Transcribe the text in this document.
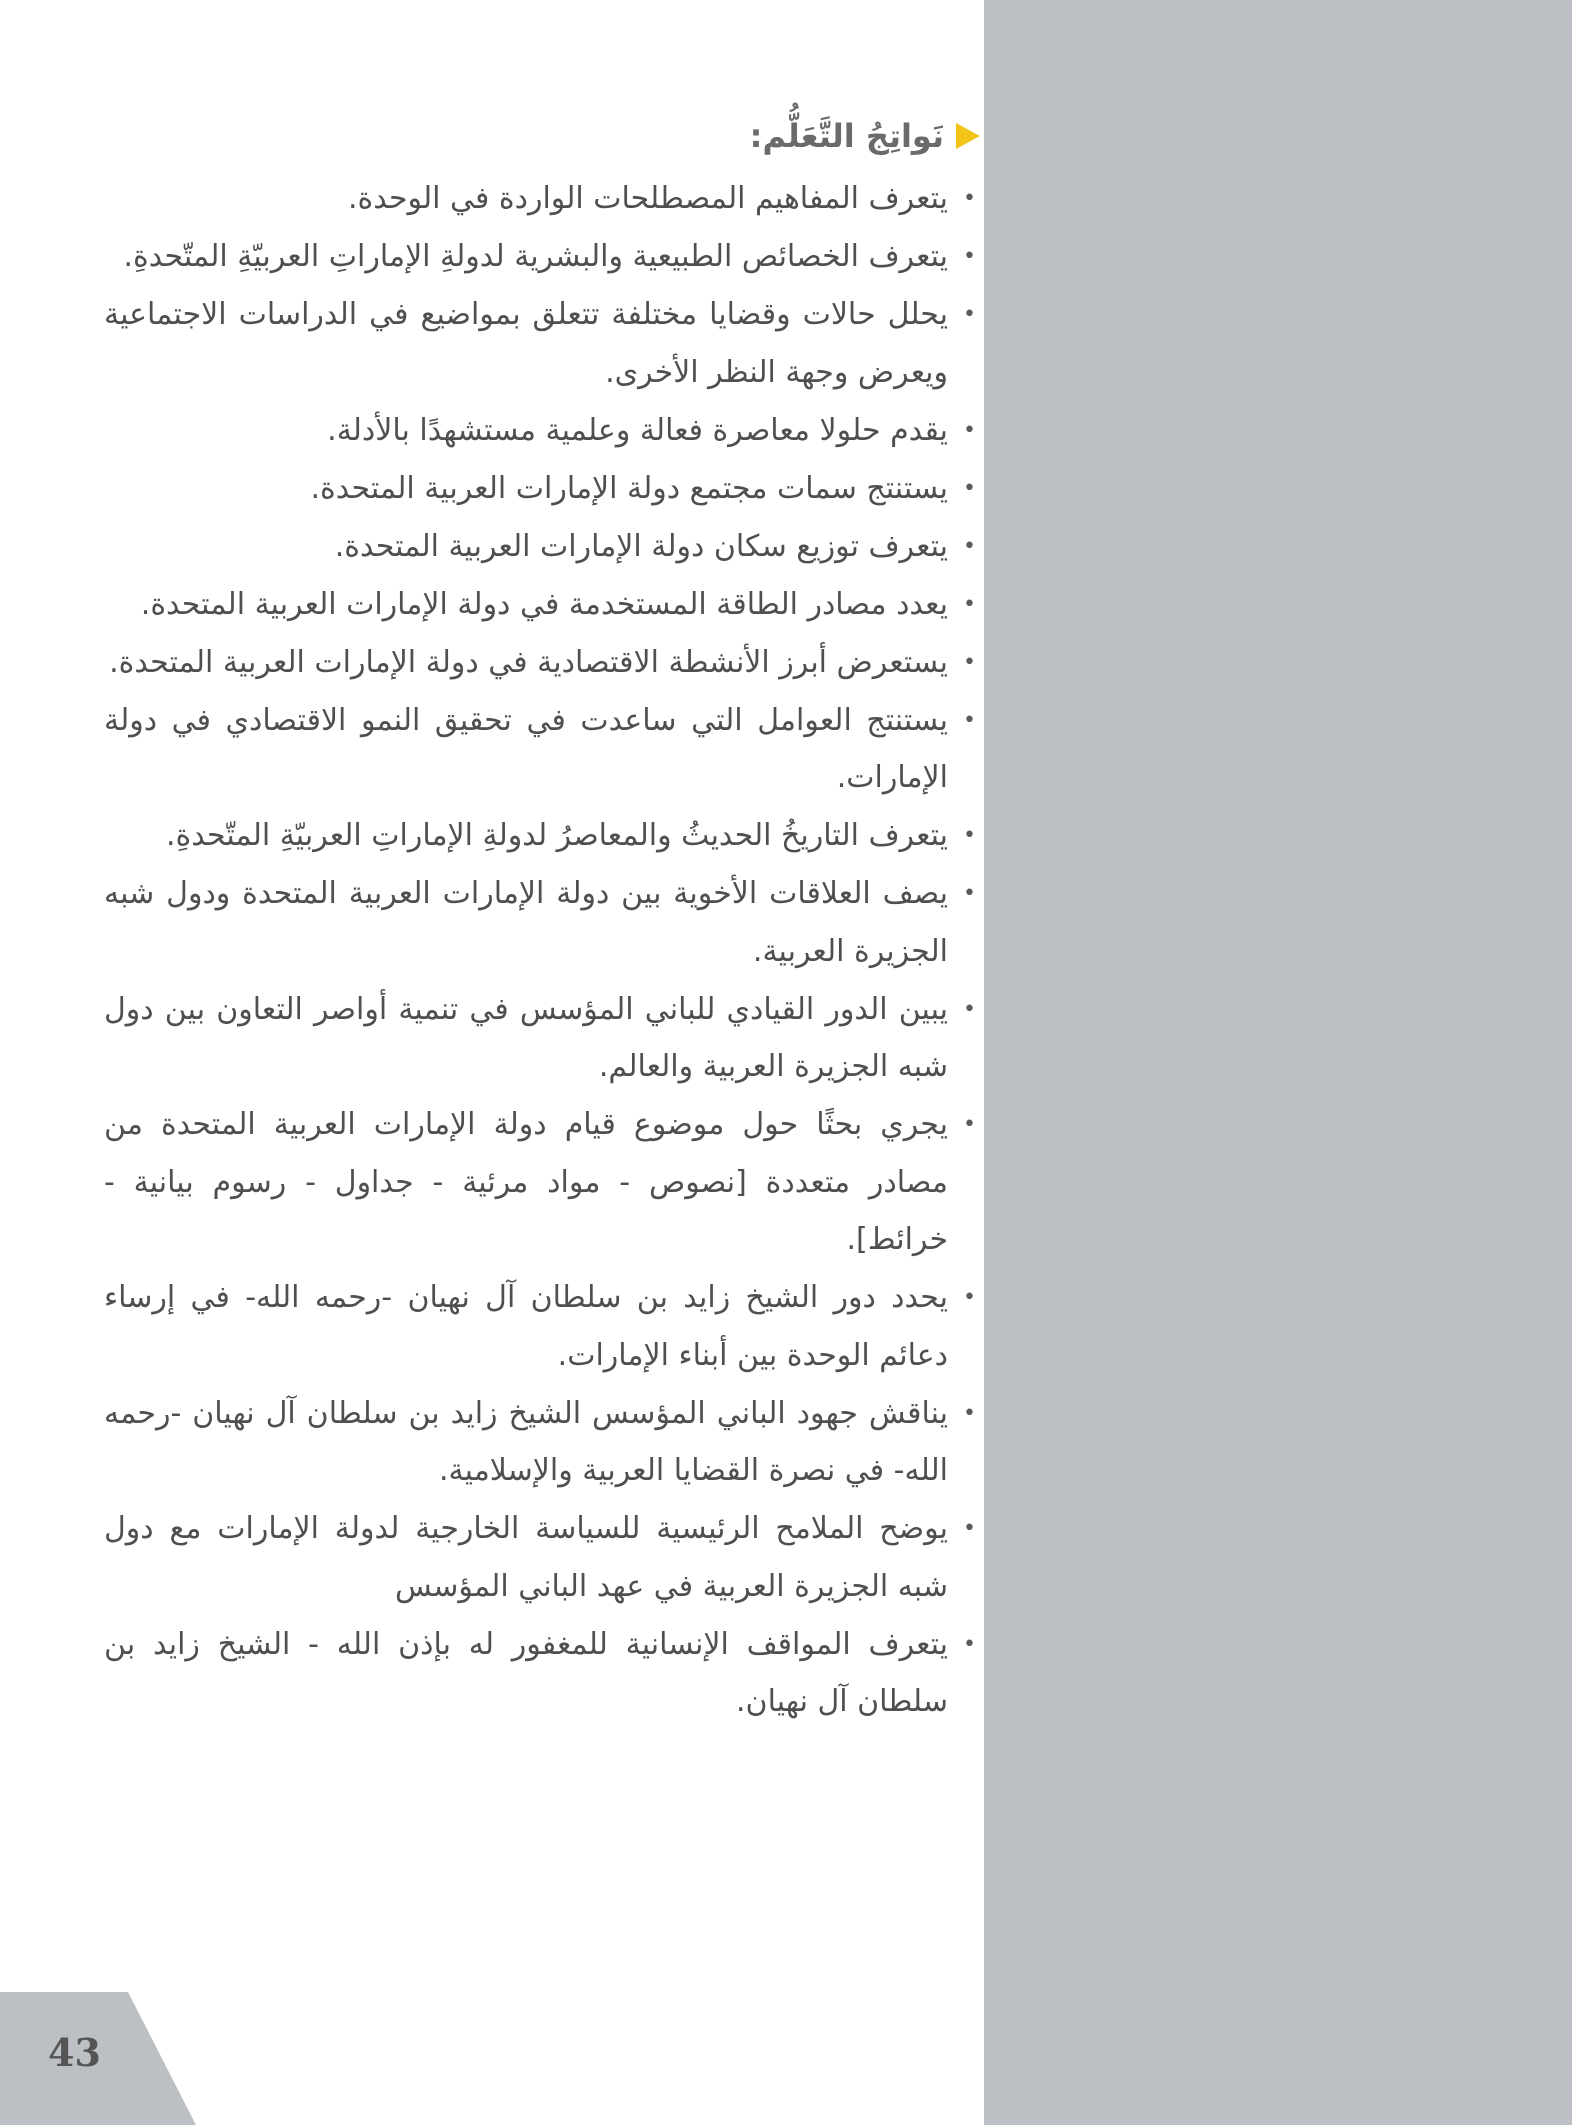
نَواتِجُ التَّعَلُّم:
• يتعرف المفاهيم المصطلحات الواردة في الوحدة.
• يتعرف الخصائص الطبيعية والبشرية لدولةِ الإماراتِ العربيّةِ المتّحدةِ.
• يحلل حالات وقضايا مختلفة تتعلق بمواضيع في الدراسات الاجتماعية ويعرض وجهة النظر الأخرى.
• يقدم حلولا معاصرة فعالة وعلمية مستشهدًا بالأدلة.
• يستنتج سمات مجتمع دولة الإمارات العربية المتحدة.
• يتعرف توزيع سكان دولة الإمارات العربية المتحدة.
• يعدد مصادر الطاقة المستخدمة في دولة الإمارات العربية المتحدة.
• يستعرض أبرز الأنشطة الاقتصادية في دولة الإمارات العربية المتحدة.
• يستنتج العوامل التي ساعدت في تحقيق النمو الاقتصادي في دولة الإمارات.
• يتعرف التاريخُ الحديثُ والمعاصرُ لدولةِ الإماراتِ العربيّةِ المتّحدةِ.
• يصف العلاقات الأخوية بين دولة الإمارات العربية المتحدة ودول شبه الجزيرة العربية.
• يبين الدور القيادي للباني المؤسس في تنمية أواصر التعاون بين دول شبه الجزيرة العربية والعالم.
• يجري بحثًا حول موضوع قيام دولة الإمارات العربية المتحدة من مصادر متعددة [نصوص - مواد مرئية - جداول - رسوم بيانية - خرائط].
• يحدد دور الشيخ زايد بن سلطان آل نهيان -رحمه الله- في إرساء دعائم الوحدة بين أبناء الإمارات.
• يناقش جهود الباني المؤسس الشيخ زايد بن سلطان آل نهيان -رحمه الله- في نصرة القضايا العربية والإسلامية.
• يوضح الملامح الرئيسية للسياسة الخارجية لدولة الإمارات مع دول شبه الجزيرة العربية في عهد الباني المؤسس
• يتعرف المواقف الإنسانية للمغفور له بإذن الله - الشيخ زايد بن سلطان آل نهيان.
43
